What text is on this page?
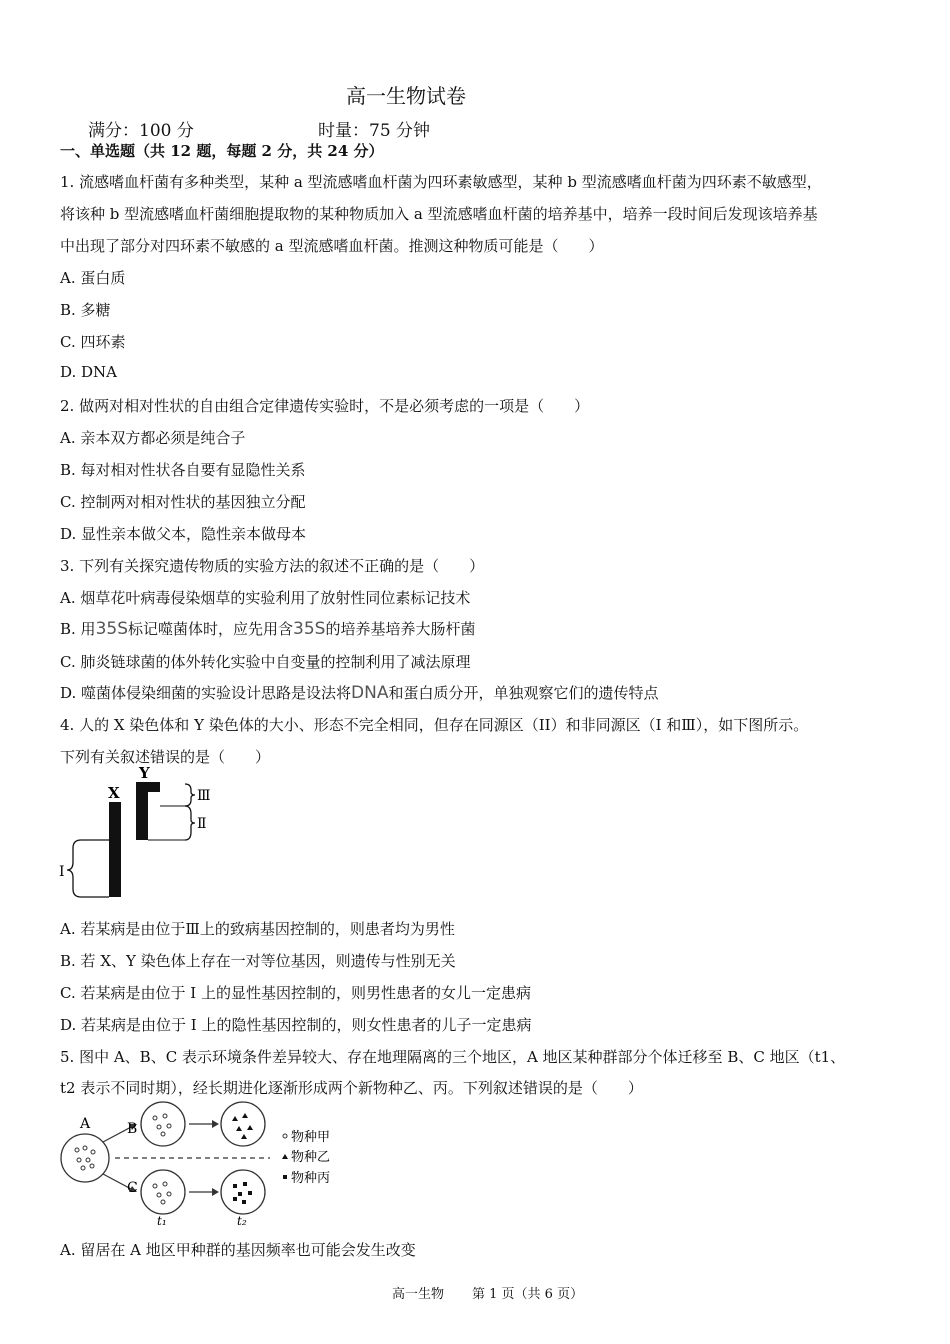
高一生物试卷
满分：100 分	时量：75 分钟
一、单选题（共 12 题，每题 2 分，共 24 分）
1. 流感嗜血杆菌有多种类型，某种 a 型流感嗜血杆菌为四环素敏感型，某种 b 型流感嗜血杆菌为四环素不敏感型，
将该种 b 型流感嗜血杆菌细胞提取物的某种物质加入 a 型流感嗜血杆菌的培养基中，培养一段时间后发现该培养基
中出现了部分对四环素不敏感的 a 型流感嗜血杆菌。推测这种物质可能是（　　）
A. 蛋白质
B. 多糖
C. 四环素
D. DNA
2. 做两对相对性状的自由组合定律遗传实验时，不是必须考虑的一项是（　　）
A. 亲本双方都必须是纯合子
B. 每对相对性状各自要有显隐性关系
C. 控制两对相对性状的基因独立分配
D. 显性亲本做父本，隐性亲本做母本
3. 下列有关探究遗传物质的实验方法的叙述不正确的是（　　）
A. 烟草花叶病毒侵染烟草的实验利用了放射性同位素标记技术
B. 用35S标记噬菌体时，应先用含35S的培养基培养大肠杆菌
C. 肺炎链球菌的体外转化实验中自变量的控制利用了减法原理
D. 噬菌体侵染细菌的实验设计思路是设法将DNA和蛋白质分开，单独观察它们的遗传特点
4. 人的 X 染色体和 Y 染色体的大小、形态不完全相同，但存在同源区（II）和非同源区（I 和Ⅲ），如下图所示。
下列有关叙述错误的是（　　）
X
Y
Ⅲ
Ⅱ
I
A. 若某病是由位于Ⅲ上的致病基因控制的，则患者均为男性
B. 若 X、Y 染色体上存在一对等位基因，则遗传与性别无关
C. 若某病是由位于 I 上的显性基因控制的，则男性患者的女儿一定患病
D. 若某病是由位于 I 上的隐性基因控制的，则女性患者的儿子一定患病
5. 图中 A、B、C 表示环境条件差异较大、存在地理隔离的三个地区，A 地区某种群部分个体迁移至 B、C 地区（t1、
t2 表示不同时期），经长期进化逐渐形成两个新物种乙、丙。下列叙述错误的是（　　）
A	B
C
t₁	t₂
物种甲
物种乙
物种丙
A. 留居在 A 地区甲种群的基因频率也可能会发生改变
高一生物 第 1 页（共 6 页）
